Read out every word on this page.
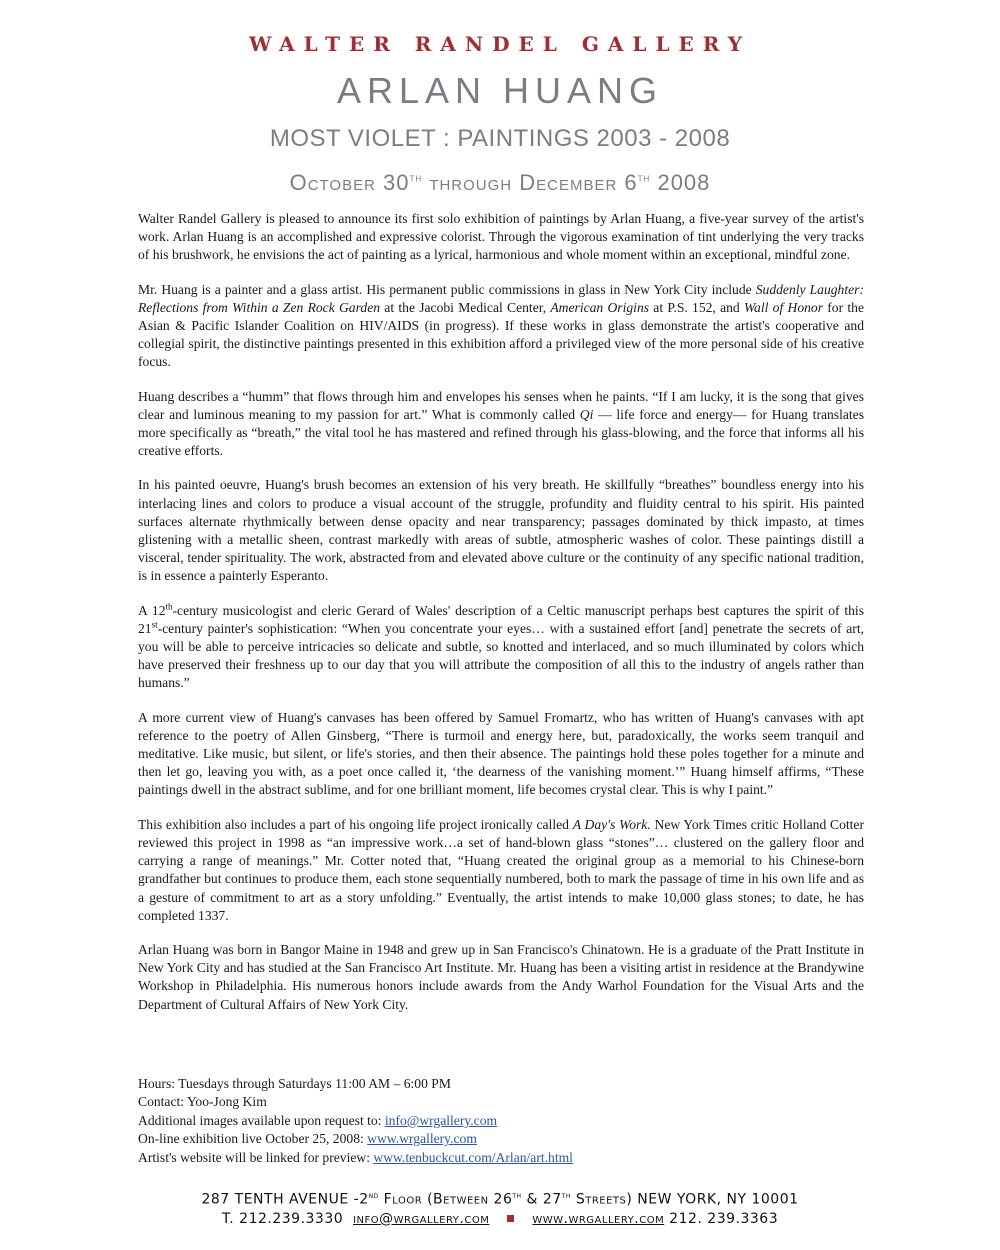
WALTER RANDEL GALLERY
ARLAN HUANG
MOST VIOLET : PAINTINGS 2003 - 2008
October 30th through December 6th 2008

Walter Randel Gallery is pleased to announce its first solo exhibition of paintings by Arlan Huang, a five-year survey of the artist's work. Arlan Huang is an accomplished and expressive colorist. Through the vigorous examination of tint underlying the very tracks of his brushwork, he envisions the act of painting as a lyrical, harmonious and whole moment within an exceptional, mindful zone.

Mr. Huang is a painter and a glass artist. His permanent public commissions in glass in New York City include Suddenly Laughter: Reflections from Within a Zen Rock Garden at the Jacobi Medical Center, American Origins at P.S. 152, and Wall of Honor for the Asian & Pacific Islander Coalition on HIV/AIDS (in progress). If these works in glass demonstrate the artist's cooperative and collegial spirit, the distinctive paintings presented in this exhibition afford a privileged view of the more personal side of his creative focus.

Huang describes a “humm” that flows through him and envelopes his senses when he paints. “If I am lucky, it is the song that gives clear and luminous meaning to my passion for art.” What is commonly called Qi — life force and energy— for Huang translates more specifically as “breath,” the vital tool he has mastered and refined through his glass-blowing, and the force that informs all his creative efforts.

In his painted oeuvre, Huang's brush becomes an extension of his very breath. He skillfully “breathes” boundless energy into his interlacing lines and colors to produce a visual account of the struggle, profundity and fluidity central to his spirit. His painted surfaces alternate rhythmically between dense opacity and near transparency; passages dominated by thick impasto, at times glistening with a metallic sheen, contrast markedly with areas of subtle, atmospheric washes of color. These paintings distill a visceral, tender spirituality. The work, abstracted from and elevated above culture or the continuity of any specific national tradition, is in essence a painterly Esperanto.

A 12th-century musicologist and cleric Gerard of Wales' description of a Celtic manuscript perhaps best captures the spirit of this 21st-century painter's sophistication: “When you concentrate your eyes… with a sustained effort [and] penetrate the secrets of art, you will be able to perceive intricacies so delicate and subtle, so knotted and interlaced, and so much illuminated by colors which have preserved their freshness up to our day that you will attribute the composition of all this to the industry of angels rather than humans.”

A more current view of Huang's canvases has been offered by Samuel Fromartz, who has written of Huang's canvases with apt reference to the poetry of Allen Ginsberg, “There is turmoil and energy here, but, paradoxically, the works seem tranquil and meditative. Like music, but silent, or life's stories, and then their absence. The paintings hold these poles together for a minute and then let go, leaving you with, as a poet once called it, ‘the dearness of the vanishing moment.’” Huang himself affirms, “These paintings dwell in the abstract sublime, and for one brilliant moment, life becomes crystal clear. This is why I paint.”

This exhibition also includes a part of his ongoing life project ironically called A Day's Work. New York Times critic Holland Cotter reviewed this project in 1998 as “an impressive work…a set of hand-blown glass “stones”… clustered on the gallery floor and carrying a range of meanings.” Mr. Cotter noted that, “Huang created the original group as a memorial to his Chinese-born grandfather but continues to produce them, each stone sequentially numbered, both to mark the passage of time in his own life and as a gesture of commitment to art as a story unfolding.” Eventually, the artist intends to make 10,000 glass stones; to date, he has completed 1337.

Arlan Huang was born in Bangor Maine in 1948 and grew up in San Francisco's Chinatown. He is a graduate of the Pratt Institute in New York City and has studied at the San Francisco Art Institute. Mr. Huang has been a visiting artist in residence at the Brandywine Workshop in Philadelphia. His numerous honors include awards from the Andy Warhol Foundation for the Visual Arts and the Department of Cultural Affairs of New York City.

Hours: Tuesdays through Saturdays 11:00 AM – 6:00 PM
Contact: Yoo-Jong Kim
Additional images available upon request to: info@wrgallery.com
On-line exhibition live October 25, 2008: www.wrgallery.com
Artist's website will be linked for preview: www.tenbuckcut.com/Arlan/art.html
287 TENTH AVENUE -2nd Floor (Between 26th & 27th Streets) NEW YORK, NY 10001
T. 212.239.3330 info@wrgallery.com	www.wrgallery.com 212. 239.3363
